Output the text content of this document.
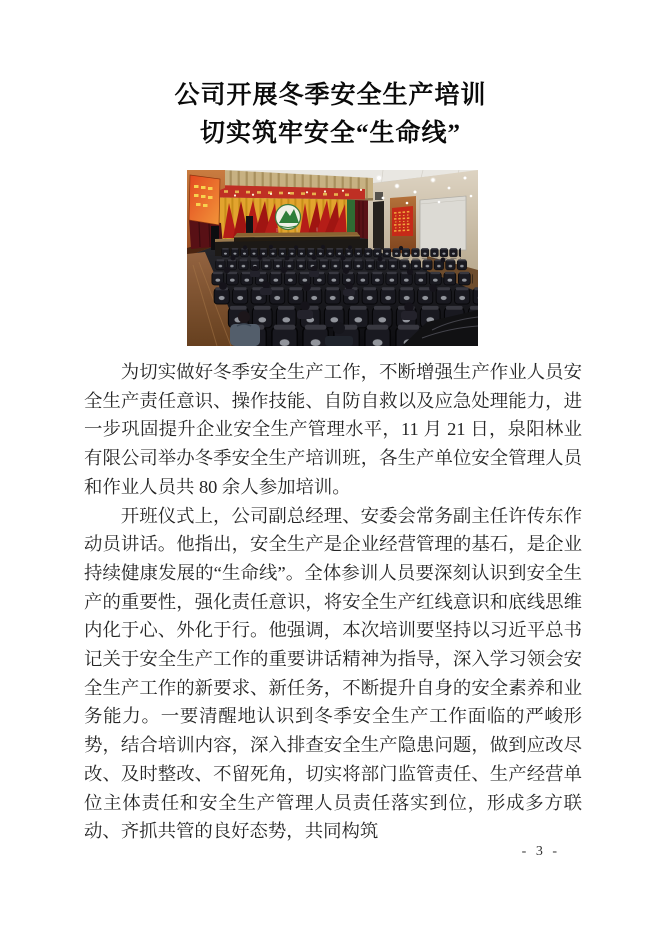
公司开展冬季安全生产培训
切实筑牢安全“生命线”

为切实做好冬季安全生产工作，不断增强生产作业人员安全生产责任意识、操作技能、自防自救以及应急处理能力，进一步巩固提升企业安全生产管理水平，11 月 21 日，泉阳林业有限公司举办冬季安全生产培训班，各生产单位安全管理人员和作业人员共 80 余人参加培训。

开班仪式上，公司副总经理、安委会常务副主任许传东作动员讲话。他指出，安全生产是企业经营管理的基石，是企业持续健康发展的“生命线”。全体参训人员要深刻认识到安全生产的重要性，强化责任意识，将安全生产红线意识和底线思维内化于心、外化于行。他强调，本次培训要坚持以习近平总书记关于安全生产工作的重要讲话精神为指导，深入学习领会安全生产工作的新要求、新任务，不断提升自身的安全素养和业务能力。一要清醒地认识到冬季安全生产工作面临的严峻形势，结合培训内容，深入排查安全生产隐患问题，做到应改尽改、及时整改、不留死角，切实将部门监管责任、生产经营单位主体责任和安全生产管理人员责任落实到位，形成多方联动、齐抓共管的良好态势，共同构筑

- 3 -
